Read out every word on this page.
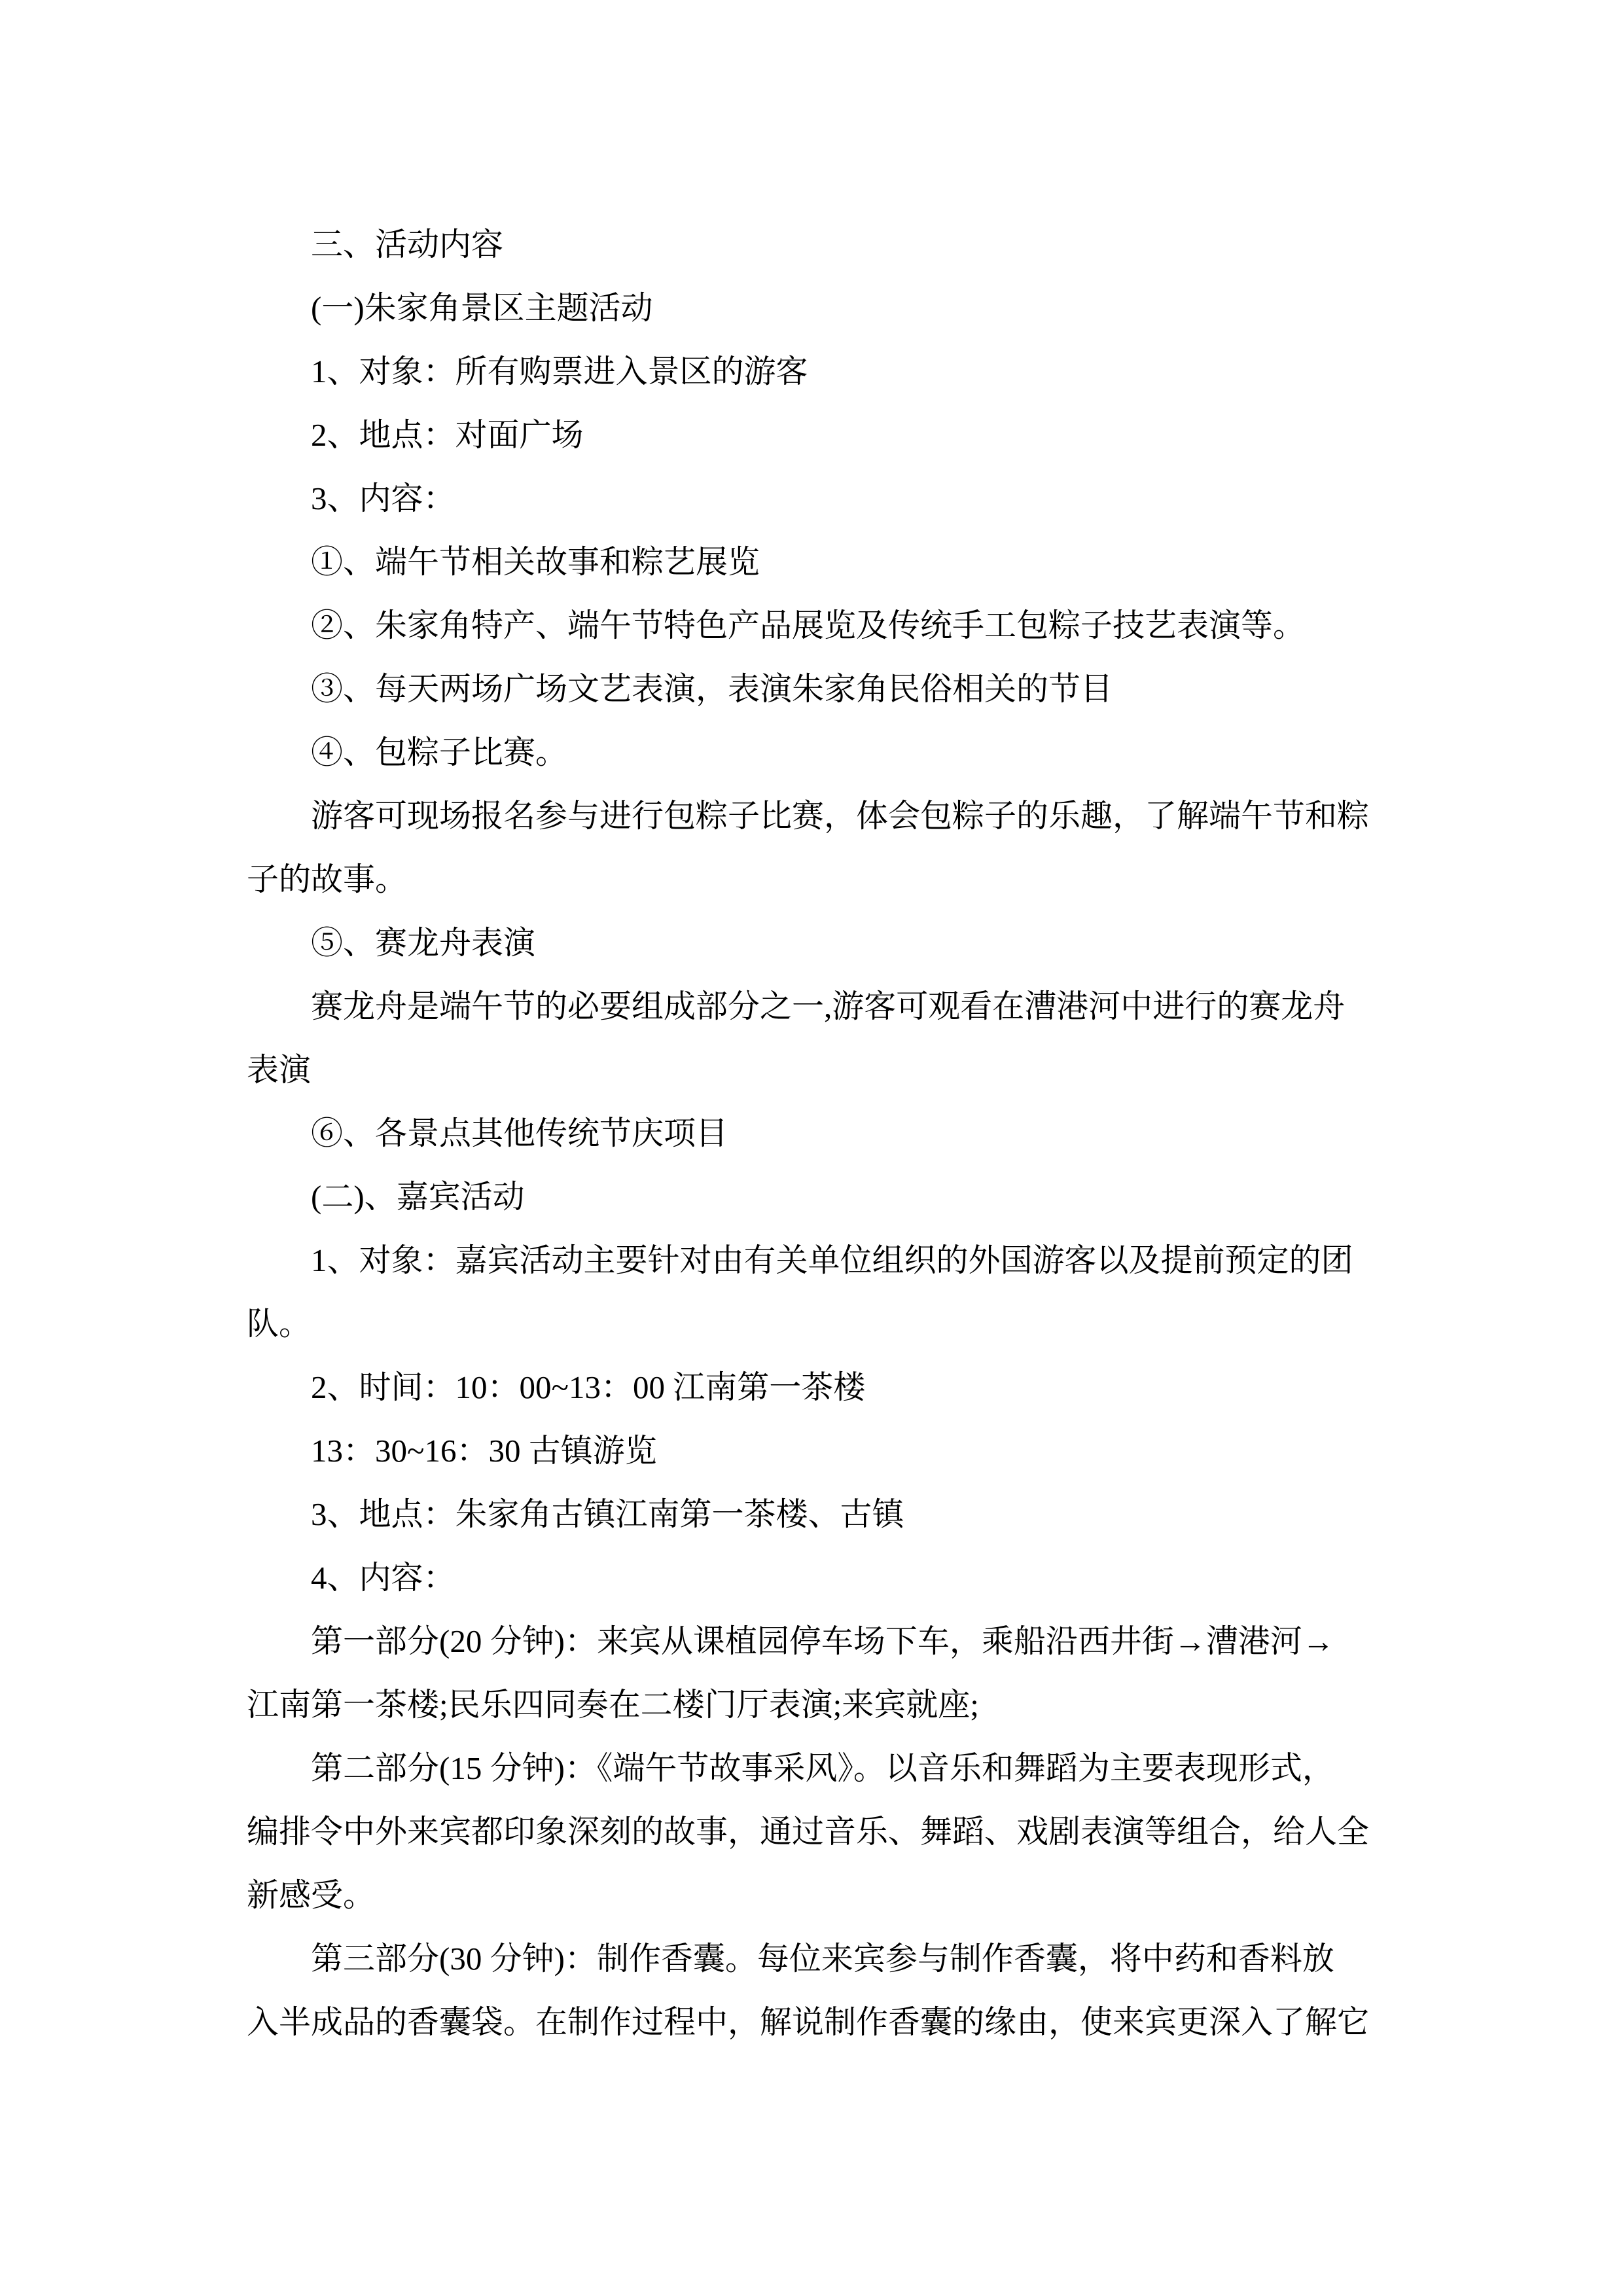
三、活动内容

(一)朱家角景区主题活动

1、对象：所有购票进入景区的游客

2、地点：对面广场

3、内容：

①、端午节相关故事和粽艺展览

②、朱家角特产、端午节特色产品展览及传统手工包粽子技艺表演等。

③、每天两场广场文艺表演，表演朱家角民俗相关的节目

④、包粽子比赛。

游客可现场报名参与进行包粽子比赛，体会包粽子的乐趣，了解端午节和粽

子的故事。

⑤、赛龙舟表演

赛龙舟是端午节的必要组成部分之一,游客可观看在漕港河中进行的赛龙舟

表演

⑥、各景点其他传统节庆项目

(二)、嘉宾活动

1、对象：嘉宾活动主要针对由有关单位组织的外国游客以及提前预定的团

队。

2、时间：10：00~13：00 江南第一茶楼

13：30~16：30 古镇游览

3、地点：朱家角古镇江南第一茶楼、古镇

4、内容：

第一部分(20 分钟)：来宾从课植园停车场下车，乘船沿西井街→漕港河→

江南第一茶楼;民乐四同奏在二楼门厅表演;来宾就座;

第二部分(15 分钟)：《端午节故事采风》。以音乐和舞蹈为主要表现形式，

编排令中外来宾都印象深刻的故事，通过音乐、舞蹈、戏剧表演等组合，给人全

新感受。

第三部分(30 分钟)：制作香囊。每位来宾参与制作香囊，将中药和香料放

入半成品的香囊袋。在制作过程中，解说制作香囊的缘由，使来宾更深入了解它
